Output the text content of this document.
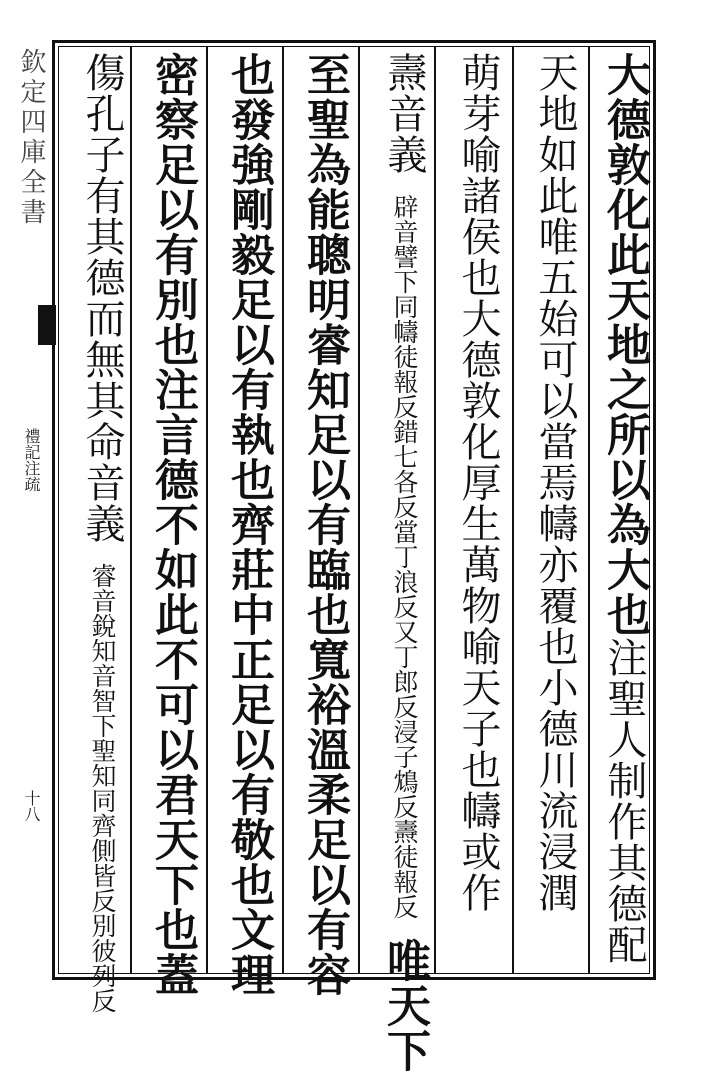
欽定四庫全書
禮記注疏
十八
大德敦化此天地之所以為大也注聖人制作其德配
天地如此唯五始可以當焉幬亦覆也小德川流浸潤
萌芽喻諸侯也大德敦化厚生萬物喻天子也幬或作
燾音義
辟音譬下同幬徒報反錯七各反當丁
浪反又丁郎反浸子鴆反燾徒報反
唯天下
至聖為能聰明睿知足以有臨也寬裕溫柔足以有容
也發強剛毅足以有執也齊莊中正足以有敬也文理
密察足以有別也注言德不如此不可以君天下也蓋
傷孔子有其德而無其命音義
睿音銳知音智下聖知
同齊側皆反別彼列反
